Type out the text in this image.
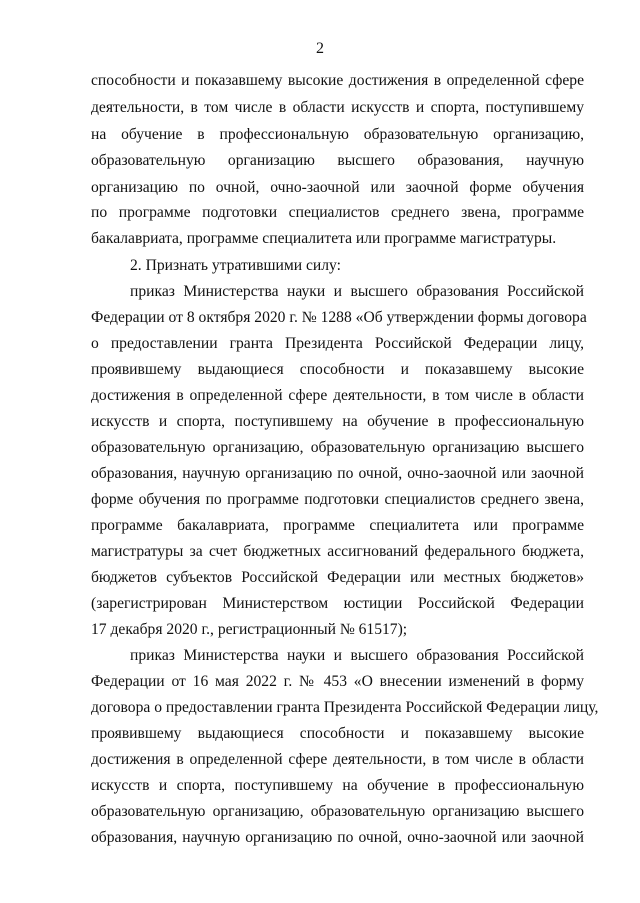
2
способности и показавшему высокие достижения в определенной сфере
деятельности, в том числе в области искусств и спорта, поступившему
на обучение в профессиональную образовательную организацию,
образовательную организацию высшего образования, научную
организацию по очной, очно-заочной или заочной форме обучения
по программе подготовки специалистов среднего звена, программе
бакалавриата, программе специалитета или программе магистратуры.
2. Признать утратившими силу:
приказ Министерства науки и высшего образования Российской
Федерации от 8 октября 2020 г. № 1288 «Об утверждении формы договора
о предоставлении гранта Президента Российской Федерации лицу,
проявившему выдающиеся способности и показавшему высокие
достижения в определенной сфере деятельности, в том числе в области
искусств и спорта, поступившему на обучение в профессиональную
образовательную организацию, образовательную организацию высшего
образования, научную организацию по очной, очно-заочной или заочной
форме обучения по программе подготовки специалистов среднего звена,
программе бакалавриата, программе специалитета или программе
магистратуры за счет бюджетных ассигнований федерального бюджета,
бюджетов субъектов Российской Федерации или местных бюджетов»
(зарегистрирован Министерством юстиции Российской Федерации
17 декабря 2020 г., регистрационный № 61517);
приказ Министерства науки и высшего образования Российской
Федерации от 16 мая 2022 г. № 453 «О внесении изменений в форму
договора о предоставлении гранта Президента Российской Федерации лицу,
проявившему выдающиеся способности и показавшему высокие
достижения в определенной сфере деятельности, в том числе в области
искусств и спорта, поступившему на обучение в профессиональную
образовательную организацию, образовательную организацию высшего
образования, научную организацию по очной, очно-заочной или заочной
